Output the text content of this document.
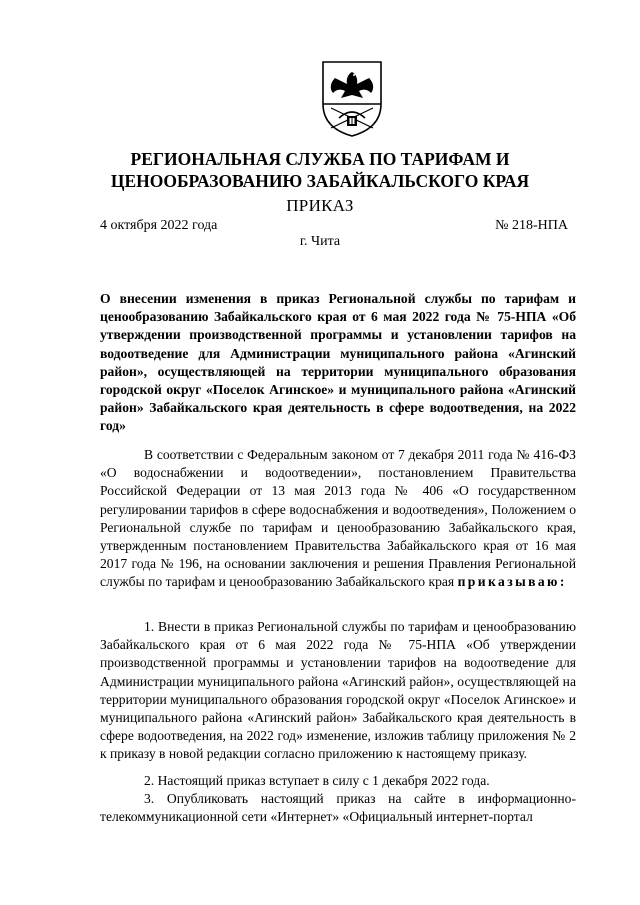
РЕГИОНАЛЬНАЯ СЛУЖБА ПО ТАРИФАМ И
ЦЕНООБРАЗОВАНИЮ ЗАБАЙКАЛЬСКОГО КРАЯ
ПРИКАЗ
4 октября 2022 года	№ 218-НПА
г. Чита
О внесении изменения в приказ Региональной службы по тарифам и ценообразованию Забайкальского края от 6 мая 2022 года № 75-НПА «Об утверждении производственной программы и установлении тарифов на водоотведение для Администрации муниципального района «Агинский район», осуществляющей на территории муниципального образования городской округ «Поселок Агинское» и муниципального района «Агинский район» Забайкальского края деятельность в сфере водоотведения, на 2022 год»

В соответствии с Федеральным законом от 7 декабря 2011 года № 416-ФЗ «О водоснабжении и водоотведении», постановлением Правительства Российской Федерации от 13 мая 2013 года № 406 «О государственном регулировании тарифов в сфере водоснабжения и водоотведения», Положением о Региональной службе по тарифам и ценообразованию Забайкальского края, утвержденным постановлением Правительства Забайкальского края от 16 мая 2017 года № 196, на основании заключения и решения Правления Региональной службы по тарифам и ценообразованию Забайкальского края приказываю:

1. Внести в приказ Региональной службы по тарифам и ценообразованию Забайкальского края от 6 мая 2022 года № 75-НПА «Об утверждении производственной программы и установлении тарифов на водоотведение для Администрации муниципального района «Агинский район», осуществляющей на территории муниципального образования городской округ «Поселок Агинское» и муниципального района «Агинский район» Забайкальского края деятельность в сфере водоотведения, на 2022 год» изменение, изложив таблицу приложения № 2 к приказу в новой редакции согласно приложению к настоящему приказу.

2. Настоящий приказ вступает в силу с 1 декабря 2022 года.

3. Опубликовать настоящий приказ на сайте в информационно-телекоммуникационной сети «Интернет» «Официальный интернет-портал
